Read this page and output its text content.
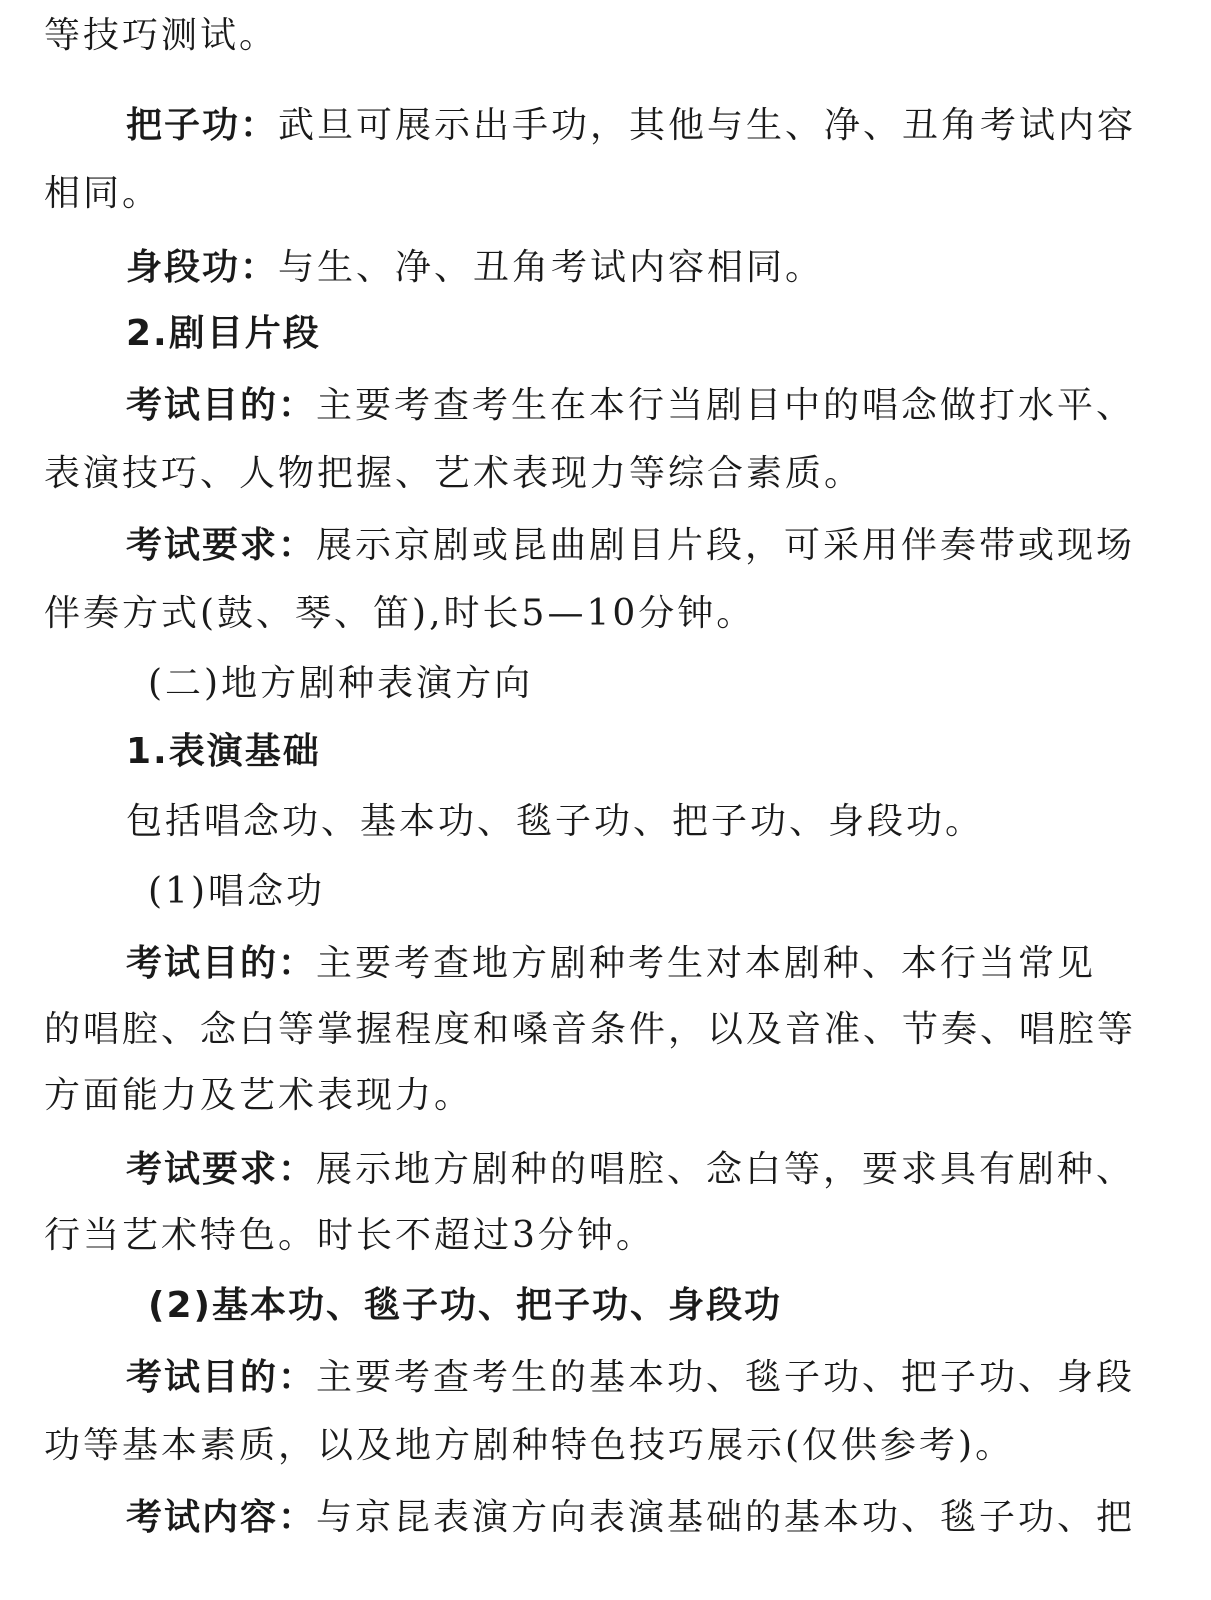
等技巧测试。
把子功：武旦可展示出手功，其他与生、净、丑角考试内容
相同。
身段功：与生、净、丑角考试内容相同。
2.剧目片段
考试目的：主要考查考生在本行当剧目中的唱念做打水平、
表演技巧、人物把握、艺术表现力等综合素质。
考试要求：展示京剧或昆曲剧目片段，可采用伴奏带或现场
伴奏方式(鼓、琴、笛),时长5—10分钟。
(二)地方剧种表演方向
1.表演基础
包括唱念功、基本功、毯子功、把子功、身段功。
(1)唱念功
考试目的：主要考查地方剧种考生对本剧种、本行当常见
的唱腔、念白等掌握程度和嗓音条件，以及音准、节奏、唱腔等
方面能力及艺术表现力。
考试要求：展示地方剧种的唱腔、念白等，要求具有剧种、
行当艺术特色。时长不超过3分钟。
(2)基本功、毯子功、把子功、身段功
考试目的：主要考查考生的基本功、毯子功、把子功、身段
功等基本素质，以及地方剧种特色技巧展示(仅供参考)。
考试内容：与京昆表演方向表演基础的基本功、毯子功、把
